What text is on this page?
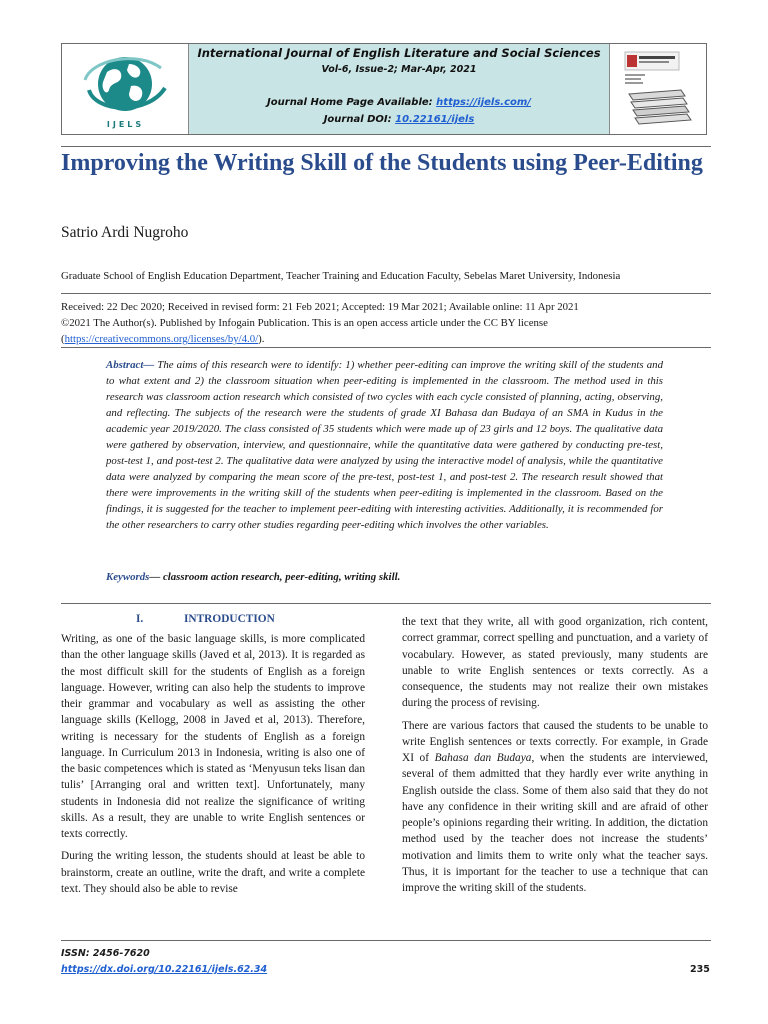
IJELS
International Journal of English Literature and Social Sciences
Vol-6, Issue-2; Mar-Apr, 2021
Journal Home Page Available: https://ijels.com/
Journal DOI: 10.22161/ijels
Improving the Writing Skill of the Students using Peer-Editing
Satrio Ardi Nugroho
Graduate School of English Education Department, Teacher Training and Education Faculty, Sebelas Maret University, Indonesia
Received: 22 Dec 2020; Received in revised form: 21 Feb 2021; Accepted: 19 Mar 2021; Available online: 11 Apr 2021
©2021 The Author(s). Published by Infogain Publication. This is an open access article under the CC BY license
(https://creativecommons.org/licenses/by/4.0/).

Abstract— The aims of this research were to identify: 1) whether peer-editing can improve the writing skill of the students and to what extent and 2) the classroom situation when peer-editing is implemented in the classroom. The method used in this research was classroom action research which consisted of two cycles with each cycle consisted of planning, acting, observing, and reflecting. The subjects of the research were the students of grade XI Bahasa dan Budaya of an SMA in Kudus in the academic year 2019/2020. The class consisted of 35 students which were made up of 23 girls and 12 boys. The qualitative data were gathered by observation, interview, and questionnaire, while the quantitative data were gathered by conducting pre-test, post-test 1, and post-test 2. The qualitative data were analyzed by using the interactive model of analysis, while the quantitative data were analyzed by comparing the mean score of the pre-test, post-test 1, and post-test 2. The research result showed that there were improvements in the writing skill of the students when peer-editing is implemented in the classroom. Based on the findings, it is suggested for the teacher to implement peer-editing with interesting activities. Additionally, it is recommended for the other researchers to carry other studies regarding peer-editing which involves the other variables.

Keywords— classroom action research, peer-editing, writing skill.
I.	INTRODUCTION

Writing, as one of the basic language skills, is more complicated than the other language skills (Javed et al, 2013). It is regarded as the most difficult skill for the students of English as a foreign language. However, writing can also help the students to improve their grammar and vocabulary as well as assisting the other language skills (Kellogg, 2008 in Javed et al, 2013). Therefore, writing is necessary for the students of English as a foreign language. In Curriculum 2013 in Indonesia, writing is also one of the basic competences which is stated as ‘Menyusun teks lisan dan tulis’ [Arranging oral and written text]. Unfortunately, many students in Indonesia did not realize the significance of writing skills. As a result, they are unable to write English sentences or texts correctly.

During the writing lesson, the students should at least be able to brainstorm, create an outline, write the draft, and write a complete text. They should also be able to revise

the text that they write, all with good organization, rich content, correct grammar, correct spelling and punctuation, and a variety of vocabulary. However, as stated previously, many students are unable to write English sentences or texts correctly. As a consequence, the students may not realize their own mistakes during the process of revising.

There are various factors that caused the students to be unable to write English sentences or texts correctly. For example, in Grade XI of Bahasa dan Budaya, when the students are interviewed, several of them admitted that they hardly ever write anything in English outside the class. Some of them also said that they do not have any confidence in their writing skill and are afraid of other people’s opinions regarding their writing. In addition, the dictation method used by the teacher does not increase the students’ motivation and limits them to write only what the teacher says. Thus, it is important for the teacher to use a technique that can improve the writing skill of the students.

ISSN: 2456-7620
https://dx.doi.org/10.22161/ijels.62.34	235
